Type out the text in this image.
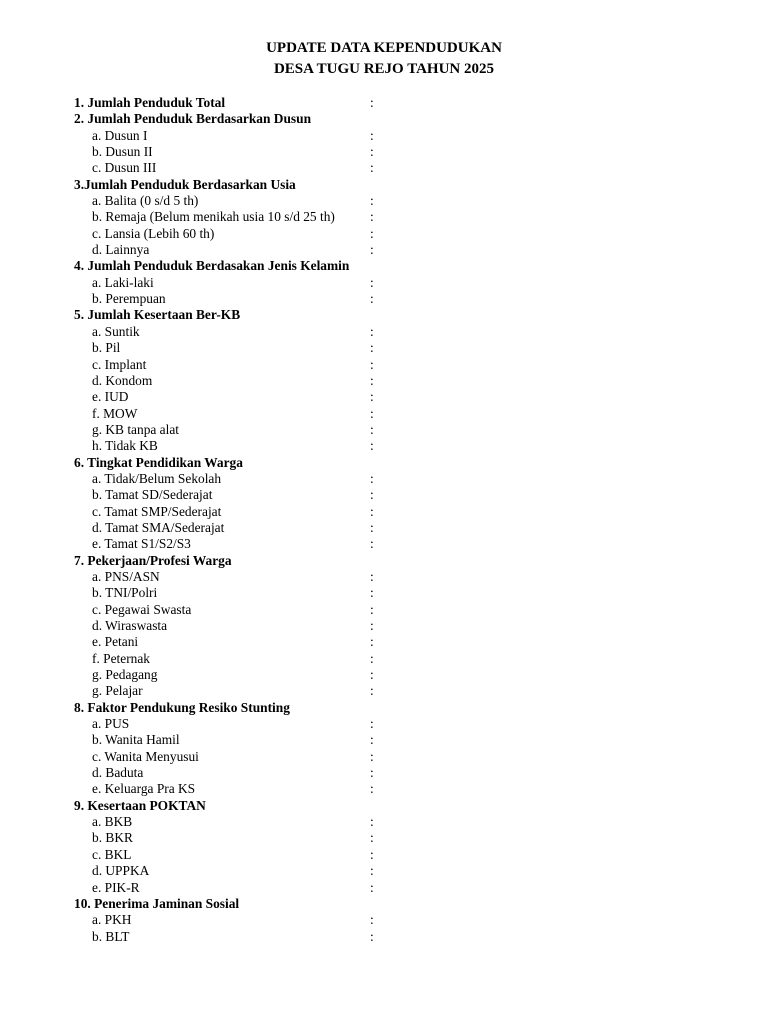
UPDATE DATA KEPENDUDUKAN
DESA TUGU REJO TAHUN 2025
1. Jumlah Penduduk Total	:
2. Jumlah Penduduk Berdasarkan Dusun
a. Dusun I	:
b. Dusun II	:
c. Dusun III	:
3.Jumlah Penduduk Berdasarkan Usia
a. Balita (0 s/d 5 th)	:
b. Remaja (Belum menikah usia 10 s/d 25 th)	:
c. Lansia (Lebih 60 th)	:
d. Lainnya	:
4. Jumlah Penduduk Berdasakan Jenis Kelamin
a. Laki-laki	:
b. Perempuan	:
5. Jumlah Kesertaan Ber-KB
a. Suntik	:
b. Pil	:
c. Implant	:
d. Kondom	:
e. IUD	:
f. MOW	:
g. KB tanpa alat	:
h. Tidak KB	:
6. Tingkat Pendidikan Warga
a. Tidak/Belum Sekolah	:
b. Tamat SD/Sederajat	:
c. Tamat SMP/Sederajat	:
d. Tamat SMA/Sederajat	:
e. Tamat S1/S2/S3	:
7. Pekerjaan/Profesi Warga
a. PNS/ASN	:
b. TNI/Polri	:
c. Pegawai Swasta	:
d. Wiraswasta	:
e. Petani	:
f. Peternak	:
g. Pedagang	:
g. Pelajar	:
8. Faktor Pendukung Resiko Stunting
a. PUS	:
b. Wanita Hamil	:
c. Wanita Menyusui	:
d. Baduta	:
e. Keluarga Pra KS	:
9. Kesertaan POKTAN
a. BKB	:
b. BKR	:
c. BKL	:
d. UPPKA	:
e. PIK-R	:
10. Penerima Jaminan Sosial
a. PKH	:
b. BLT	:
